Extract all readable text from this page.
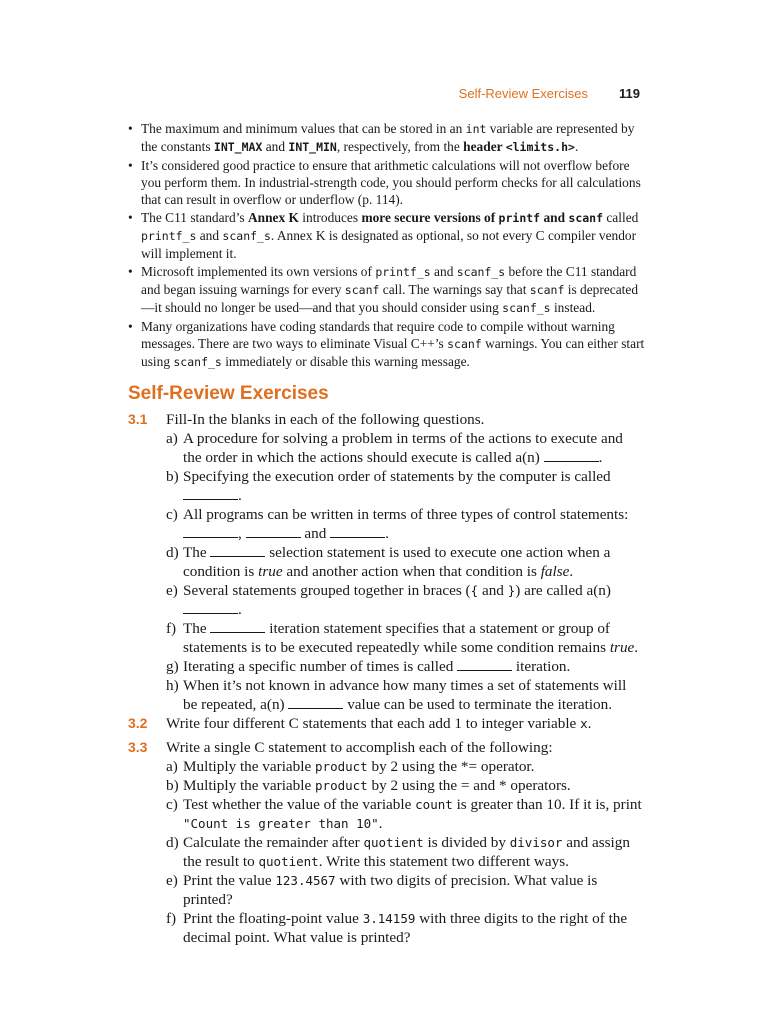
Self-Review Exercises 119
• The maximum and minimum values that can be stored in an int variable are represented by the constants INT_MAX and INT_MIN, respectively, from the header <limits.h>.
• It’s considered good practice to ensure that arithmetic calculations will not overflow before you perform them. In industrial-strength code, you should perform checks for all calculations that can result in overflow or underflow (p. 114).
• The C11 standard’s Annex K introduces more secure versions of printf and scanf called printf_s and scanf_s. Annex K is designated as optional, so not every C compiler vendor will implement it.
• Microsoft implemented its own versions of printf_s and scanf_s before the C11 standard and began issuing warnings for every scanf call. The warnings say that scanf is deprecated—it should no longer be used—and that you should consider using scanf_s instead.
• Many organizations have coding standards that require code to compile without warning messages. There are two ways to eliminate Visual C++’s scanf warnings. You can either start using scanf_s immediately or disable this warning message.
Self-Review Exercises
3.1 Fill-In the blanks in each of the following questions.
a) A procedure for solving a problem in terms of the actions to execute and the order in which the actions should execute is called a(n)	.
b) Specifying the execution order of statements by the computer is called
.
c) All programs can be written in terms of three types of control statements:
,	and	.
d) The	selection statement is used to execute one action when a condition is true and another action when that condition is false.
e) Several statements grouped together in braces ({ and }) are called a(n)
.
f) The	iteration statement specifies that a statement or group of statements is to be executed repeatedly while some condition remains true.
g) Iterating a specific number of times is called	iteration.
h) When it’s not known in advance how many times a set of statements will be repeated, a(n)	value can be used to terminate the iteration.
3.2 Write four different C statements that each add 1 to integer variable x.
3.3 Write a single C statement to accomplish each of the following:
a) Multiply the variable product by 2 using the *= operator.
b) Multiply the variable product by 2 using the = and * operators.
c) Test whether the value of the variable count is greater than 10. If it is, print
"Count is greater than 10".
d) Calculate the remainder after quotient is divided by divisor and assign the result to quotient. Write this statement two different ways.
e) Print the value 123.4567 with two digits of precision. What value is printed?
f) Print the floating-point value 3.14159 with three digits to the right of the decimal point. What value is printed?
